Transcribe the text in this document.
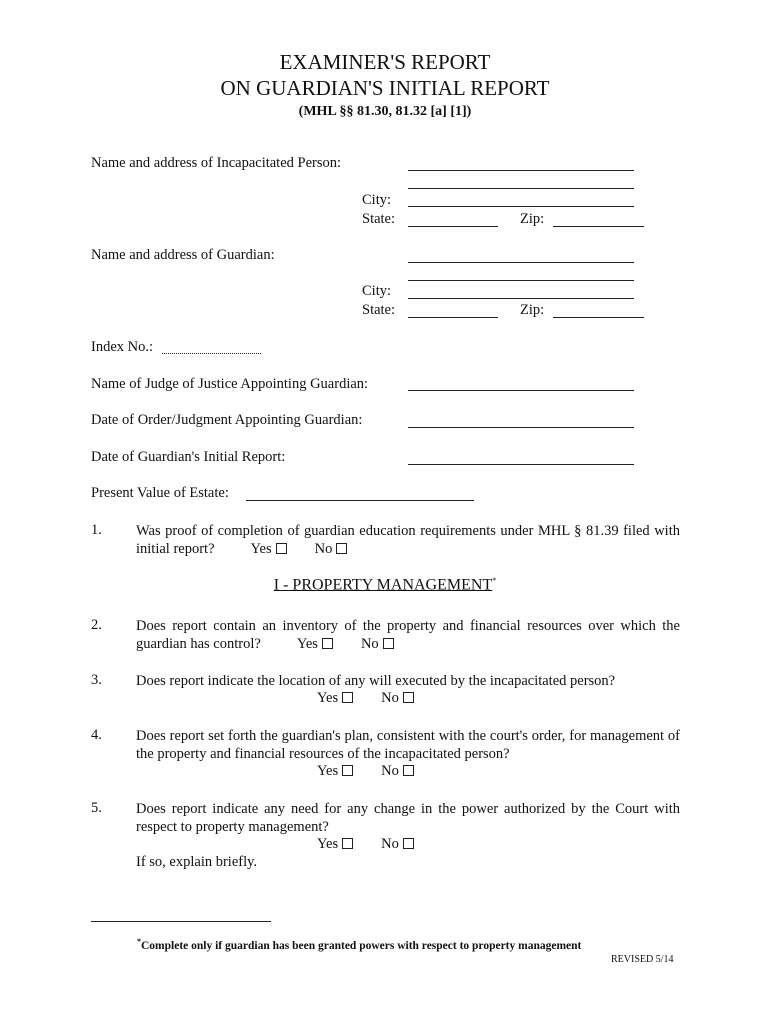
EXAMINER'S REPORT
ON GUARDIAN'S INITIAL REPORT
(MHL §§ 81.30, 81.32 [a] [1])
Name and address of Incapacitated Person:
City:
State:	Zip:
Name and address of Guardian:
City:
State:	Zip:
Index No.:
Name of Judge of Justice Appointing Guardian:
Date of Order/Judgment Appointing Guardian:
Date of Guardian's Initial Report:
Present Value of Estate:
1. Was proof of completion of guardian education requirements under MHL § 81.39 filed with initial report? Yes	No
I - PROPERTY MANAGEMENT*
2. Does report contain an inventory of the property and financial resources over which the guardian has control? Yes	No
3. Does report indicate the location of any will executed by the incapacitated person?
Yes	No
4. Does report set forth the guardian's plan, consistent with the court's order, for management of the property and financial resources of the incapacitated person?
Yes	No
5. Does report indicate any need for any change in the power authorized by the Court with respect to property management?
Yes	No
If so, explain briefly.
*Complete only if guardian has been granted powers with respect to property management
REVISED 5/14
